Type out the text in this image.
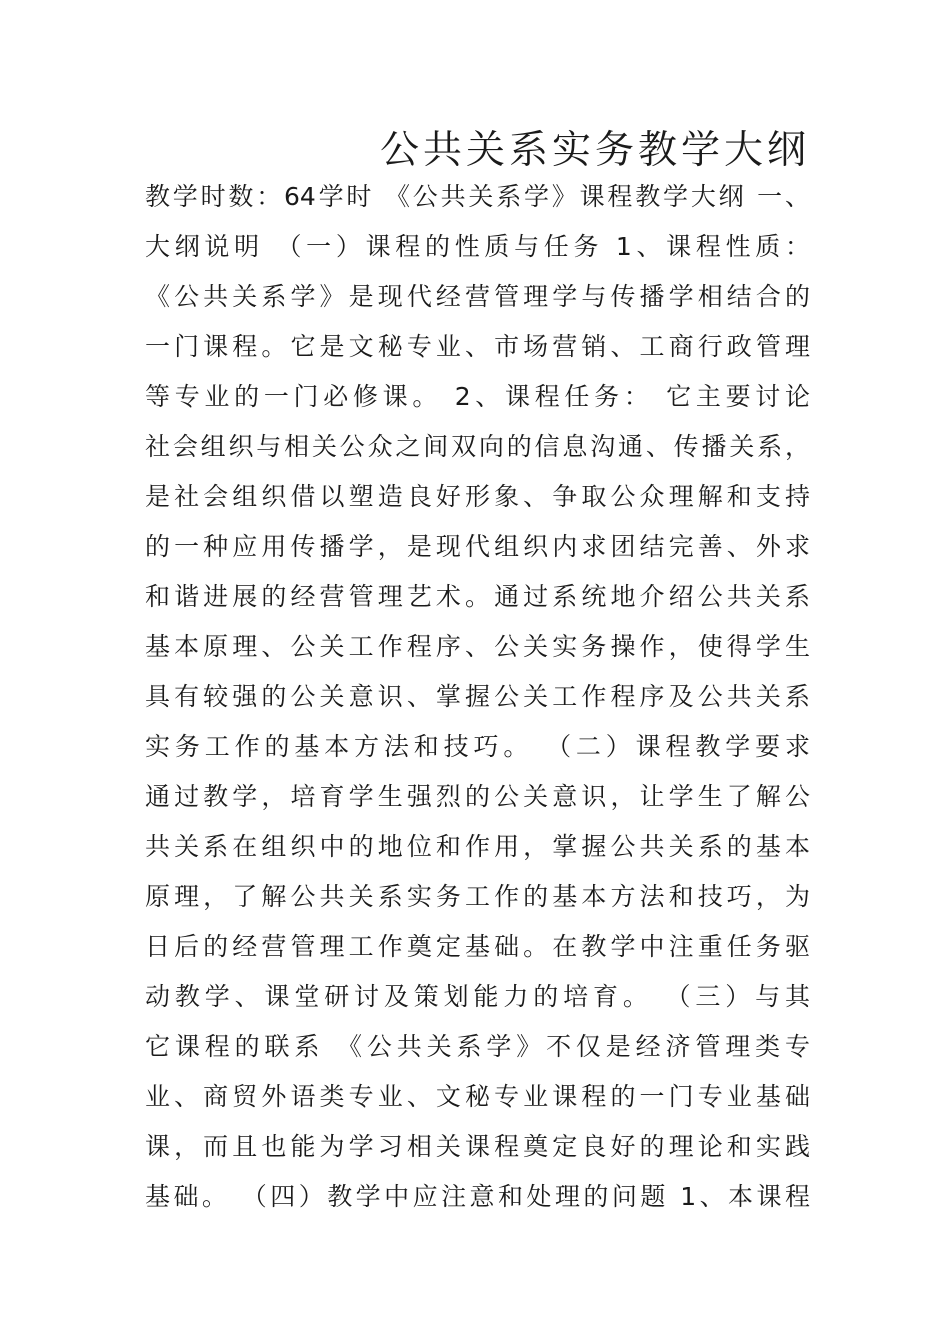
公共关系实务教学大纲
教学时数：64学时 《公共关系学》课程教学大纲 一、
大纲说明 （一）课程的性质与任务 1、课程性质：
《公共关系学》是现代经营管理学与传播学相结合的
一门课程。它是文秘专业、市场营销、工商行政管理
等专业的一门必修课。 2、课程任务： 它主要讨论
社会组织与相关公众之间双向的信息沟通、传播关系，
是社会组织借以塑造良好形象、争取公众理解和支持
的一种应用传播学，是现代组织内求团结完善、外求
和谐进展的经营管理艺术。通过系统地介绍公共关系
基本原理、公关工作程序、公关实务操作，使得学生
具有较强的公关意识、掌握公关工作程序及公共关系
实务工作的基本方法和技巧。 （二）课程教学要求
通过教学，培育学生强烈的公关意识，让学生了解公
共关系在组织中的地位和作用，掌握公共关系的基本
原理，了解公共关系实务工作的基本方法和技巧，为
日后的经营管理工作奠定基础。在教学中注重任务驱
动教学、课堂研讨及策划能力的培育。 （三）与其
它课程的联系 《公共关系学》不仅是经济管理类专
业、商贸外语类专业、文秘专业课程的一门专业基础
课，而且也能为学习相关课程奠定良好的理论和实践
基础。 （四）教学中应注意和处理的问题 1、本课程
